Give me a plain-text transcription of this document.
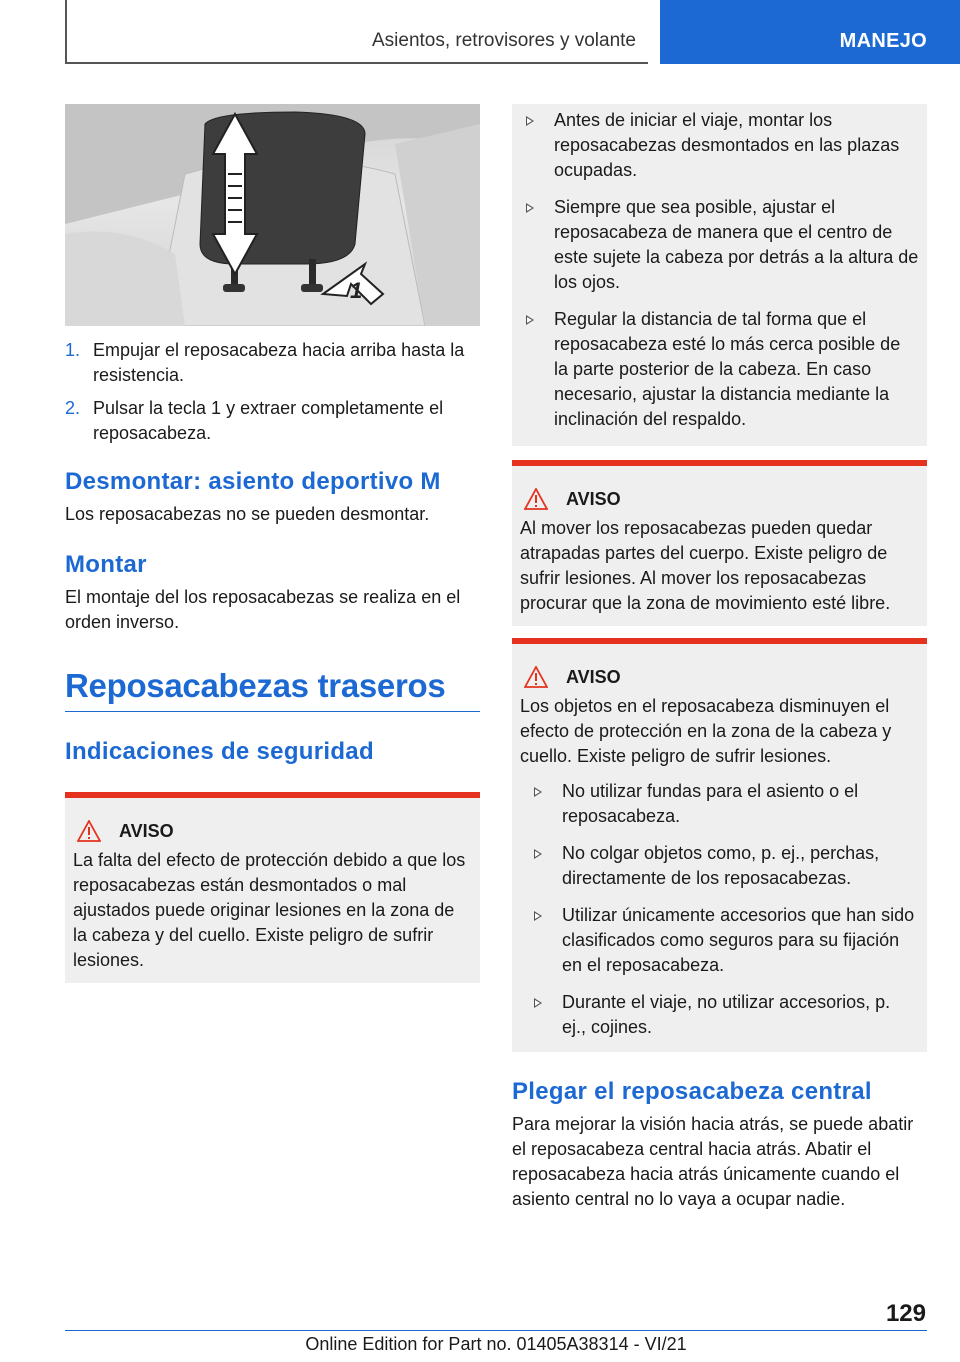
Asientos, retrovisores y volante	MANEJO
1
1. Empujar el reposacabeza hacia arriba hasta la resistencia.
2. Pulsar la tecla 1 y extraer completamente el reposacabeza.
Desmontar: asiento deportivo M

Los reposacabezas no se pueden desmontar.

Montar

El montaje del los reposacabezas se realiza en el orden inverso.

Reposacabezas traseros
Indicaciones de seguridad
AVISO

La falta del efecto de protección debido a que los reposacabezas están desmontados o mal ajustados puede originar lesiones en la zona de la cabeza y del cuello. Existe peligro de sufrir lesiones.

Antes de iniciar el viaje, montar los reposacabezas desmontados en las plazas ocupadas.
Siempre que sea posible, ajustar el reposacabeza de manera que el centro de este sujete la cabeza por detrás a la altura de los ojos.
Regular la distancia de tal forma que el reposacabeza esté lo más cerca posible de la parte posterior de la cabeza. En caso necesario, ajustar la distancia mediante la inclinación del respaldo.
AVISO

Al mover los reposacabezas pueden quedar atrapadas partes del cuerpo. Existe peligro de sufrir lesiones. Al mover los reposacabezas procurar que la zona de movimiento esté libre.

AVISO

Los objetos en el reposacabeza disminuyen el efecto de protección en la zona de la cabeza y cuello. Existe peligro de sufrir lesiones.

No utilizar fundas para el asiento o el reposacabeza.
No colgar objetos como, p. ej., perchas, directamente de los reposacabezas.
Utilizar únicamente accesorios que han sido clasificados como seguros para su fijación en el reposacabeza.
Durante el viaje, no utilizar accesorios, p. ej., cojines.
Plegar el reposacabeza central

Para mejorar la visión hacia atrás, se puede abatir el reposacabeza central hacia atrás. Abatir el reposacabeza hacia atrás únicamente cuando el asiento central no lo vaya a ocupar nadie.

129
Online Edition for Part no. 01405A38314 - VI/21
